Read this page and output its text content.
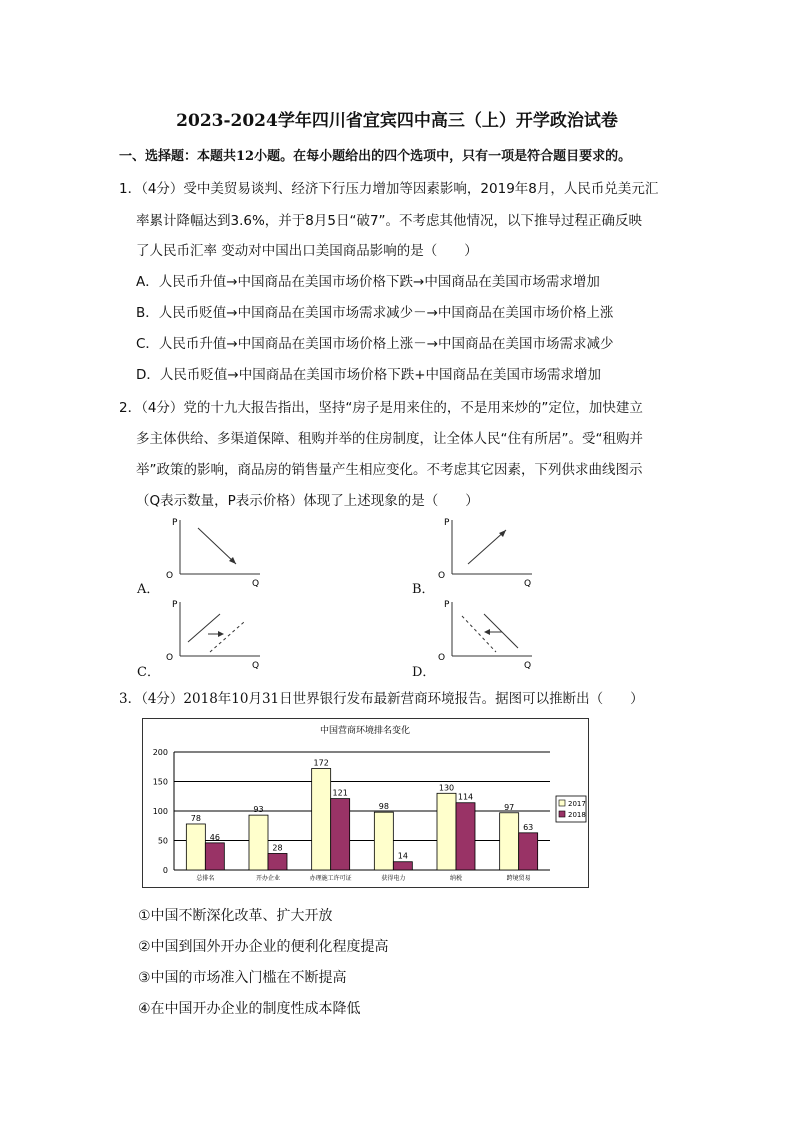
2023-2024学年四川省宜宾四中高三（上）开学政治试卷
一、选择题：本题共12小题。在每小题给出的四个选项中，只有一项是符合题目要求的。
1．（4分）受中美贸易谈判、经济下行压力增加等因素影响，2019年8月，人民币兑美元汇
率累计降幅达到3.6%，并于8月5日“破7”。不考虑其他情况，以下推导过程正确反映
了人民币汇率 变动对中国出口美国商品影响的是（　　）
A．人民币升值→中国商品在美国市场价格下跌→中国商品在美国市场需求增加
B．人民币贬值→中国商品在美国市场需求减少－→中国商品在美国市场价格上涨
C．人民币升值→中国商品在美国市场价格上涨－→中国商品在美国市场需求减少
D．人民币贬值→中国商品在美国市场价格下跌+中国商品在美国市场需求增加
2．（4分）党的十九大报告指出，坚持“房子是用来住的，不是用来炒的”定位，加快建立
多主体供给、多渠道保障、租购并举的住房制度，让全体人民“住有所居”。受“租购并
举”政策的影响，商品房的销售量产生相应变化。不考虑其它因素，下列供求曲线图示
（Q表示数量，P表示价格）体现了上述现象的是（　　）
A．
P
O
Q	B．
P
O
Q
C．
P
O
Q	D．
P
O
Q
3．（4分）2018年10月31日世界银行发布最新营商环境报告。据图可以推断出（　　）
中国营商环境排名变化
0
50
100
150
200
78
46
总排名
93
28
开办企业
172
121
办理施工许可证
98
14
获得电力
130
114
纳税
97
63
跨境贸易
2017
2018
①中国不断深化改革、扩大开放
②中国到国外开办企业的便利化程度提高
③中国的市场准入门槛在不断提高
④在中国开办企业的制度性成本降低
